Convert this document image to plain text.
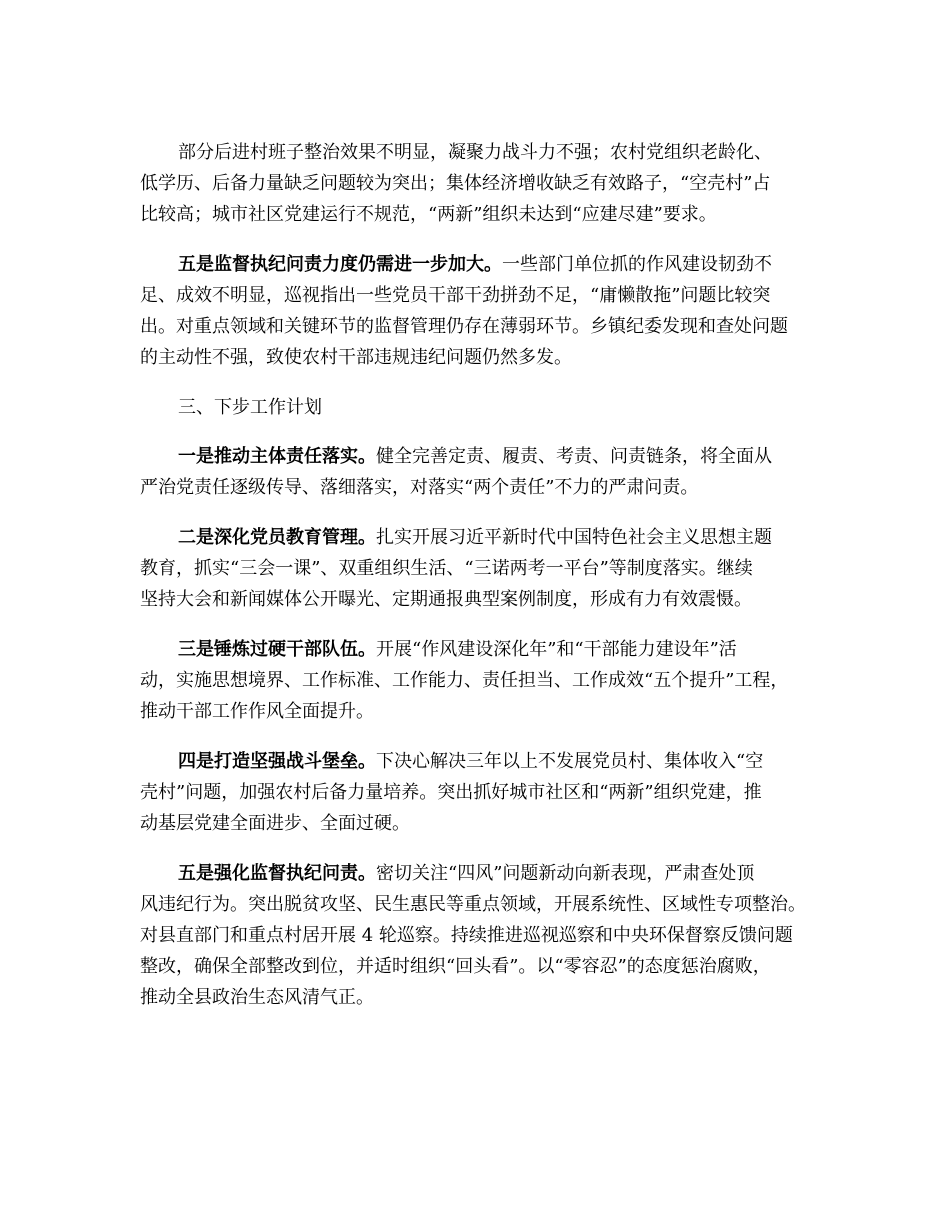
部分后进村班子整治效果不明显，凝聚力战斗力不强；农村党组织老龄化、
低学历、后备力量缺乏问题较为突出；集体经济增收缺乏有效路子，“空壳村”占
比较高；城市社区党建运行不规范，“两新”组织未达到“应建尽建”要求。
五是监督执纪问责力度仍需进一步加大。一些部门单位抓的作风建设韧劲不
足、成效不明显，巡视指出一些党员干部干劲拼劲不足，“庸懒散拖”问题比较突
出。对重点领域和关键环节的监督管理仍存在薄弱环节。乡镇纪委发现和查处问题
的主动性不强，致使农村干部违规违纪问题仍然多发。
三、下步工作计划
一是推动主体责任落实。健全完善定责、履责、考责、问责链条，将全面从
严治党责任逐级传导、落细落实，对落实“两个责任”不力的严肃问责。
二是深化党员教育管理。扎实开展习近平新时代中国特色社会主义思想主题
教育，抓实“三会一课”、双重组织生活、“三诺两考一平台”等制度落实。继续
坚持大会和新闻媒体公开曝光、定期通报典型案例制度，形成有力有效震慑。
三是锤炼过硬干部队伍。开展“作风建设深化年”和“干部能力建设年”活
动，实施思想境界、工作标准、工作能力、责任担当、工作成效“五个提升”工程，
推动干部工作作风全面提升。
四是打造坚强战斗堡垒。下决心解决三年以上不发展党员村、集体收入“空
壳村”问题，加强农村后备力量培养。突出抓好城市社区和“两新”组织党建，推
动基层党建全面进步、全面过硬。
五是强化监督执纪问责。密切关注“四风”问题新动向新表现，严肃查处顶
风违纪行为。突出脱贫攻坚、民生惠民等重点领域，开展系统性、区域性专项整治。
对县直部门和重点村居开展 4 轮巡察。持续推进巡视巡察和中央环保督察反馈问题
整改，确保全部整改到位，并适时组织“回头看”。以“零容忍”的态度惩治腐败，
推动全县政治生态风清气正。
